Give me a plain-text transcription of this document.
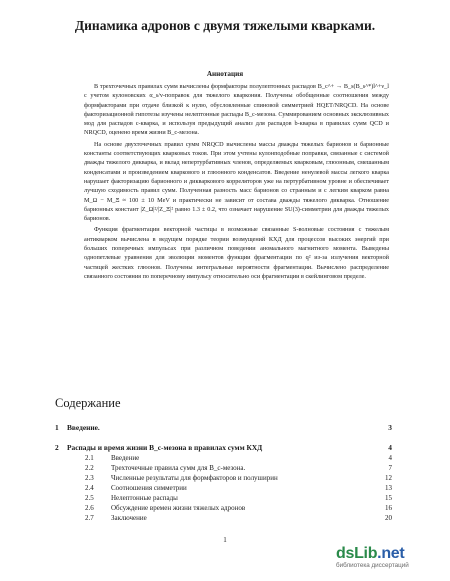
Динамика адронов с двумя тяжелыми кварками.
Аннотация

В трехточечных правилах сумм вычислены формфакторы полулептонных распадов B_c^+ → B_s(B_s^*)l^+ν_l с учетом кулоновских α_s/v-поправок для тяжелого кваркония. Получены обобщенные соотношения между формфакторами при отдаче близкой к нулю, обусловленные спиновой симметрией HQET/NRQCD. На основе факторизационной гипотезы изучены нелептонные распады B_c-мезона. Суммированием основных эксклюзивных мод для распадов c-кварка, и используя предыдущий анализ для распадов b-кварка в правилах сумм QCD и NRQCD, оценено время жизни B_c-мезона.

На основе двухточечных правил сумм NRQCD вычислены массы дважды тяжелых барионов и барионные константы соответствующих кварковых токов. При этом учтены кулонподобные поправки, связанные с системой дважды тяжелого дикварка, и вклад непертурбативных членов, определяемых кварковым, глюонным, смешанным конденсатами и произведением кваркового и глюонного конденсатов. Введение ненулевой массы легкого кварка нарушает факторизацию барионного и дикваркового корреляторов уже на пертурбативном уровне и обеспечивает лучшую сходимость правил сумм. Полученная разность масс барионов со странным и с легким кварком равна M_Ω − M_Ξ ≈ 100 ± 10 MeV и практически не зависит от состава дважды тяжелого дикварка. Отношение барионных констант |Z_Ω|²/|Z_Ξ|² равно 1.3 ± 0.2, что означает нарушение SU(3)-симметрии для дважды тяжелых барионов.

Функция фрагментации векторной частицы в возможные связанные S-волновые состояния с тяжелым антикварком вычислена в ведущем порядке теории возмущений КХД для процессов высоких энергий при больших поперечных импульсах при различном поведении аномального магнитного момента. Выведены однопетлевые уравнения для эволюции моментов функции фрагментации по q² из-за излучения векторной частицей жестких глюонов. Получены интегральные вероятности фрагментации. Вычислено распределение связанного состояния по поперечному импульсу относительно оси фрагментации в скейлинговом пределе.

Содержание
1 Введение.	3
2 Распады и время жизни B_c-мезона в правилах сумм КХД	4
2.1 Введение	4
2.2 Трехточечные правила сумм для B_c-мезона.	7
2.3 Численные результаты для формфакторов и полуширин	12
2.4 Соотношения симметрии	13
2.5 Нелептонные распады	15
2.6 Обсуждение времен жизни тяжелых адронов	16
2.7 Заключение	20
1
dsLib.net
библиотека диссертаций
